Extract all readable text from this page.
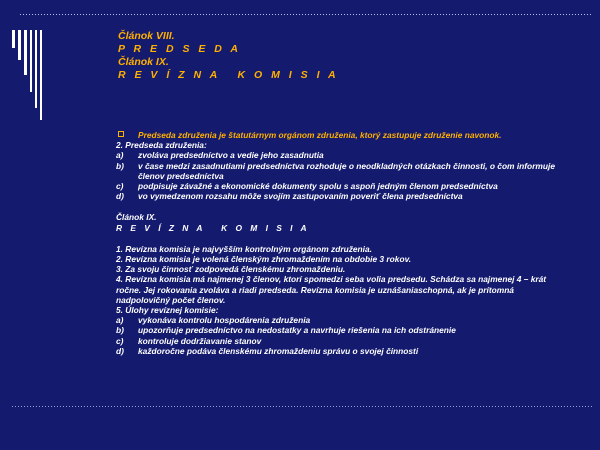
Článok VIII.
P R E D S E D A
Článok IX.
R E V Í Z N A   K O M I S I A

Predseda združenia je štatutárnym orgánom združenia, ktorý zastupuje združenie navonok.

2. Predseda združenia:

a) zvoláva predsedníctvo a vedie jeho zasadnutia

b) v čase medzi zasadnutiami predsedníctva rozhoduje o neodkladných otázkach činnosti, o čom informuje členov predsedníctva

c) podpisuje závažné a ekonomické dokumenty spolu s aspoň jedným členom predsedníctva

d) vo vymedzenom rozsahu môže svojím zastupovaním poveriť člena predsedníctva

Článok IX.

R E V Í Z N A   K O M I S I A

1. Revízna komisia je najvyšším kontrolným orgánom združenia.

2. Revízna komisia je volená členským zhromaždením na obdobie 3 rokov.

3. Za svoju činnosť zodpovedá členskému zhromaždeniu.

4. Revízna komisia má najmenej 3 členov, ktorí spomedzi seba volia predsedu. Schádza sa najmenej 4 – krát ročne. Jej rokovania zvoláva a riadi predseda. Revízna komisia je uznášaniaschopná, ak je prítomná nadpolovičný počet členov.

5. Úlohy revíznej komisie:

a) vykonáva kontrolu hospodárenia združenia

b) upozorňuje predsedníctvo na nedostatky a navrhuje riešenia na ich odstránenie

c) kontroluje dodržiavanie stanov

d) každoročne podáva členskému zhromaždeniu správu o svojej činnosti
